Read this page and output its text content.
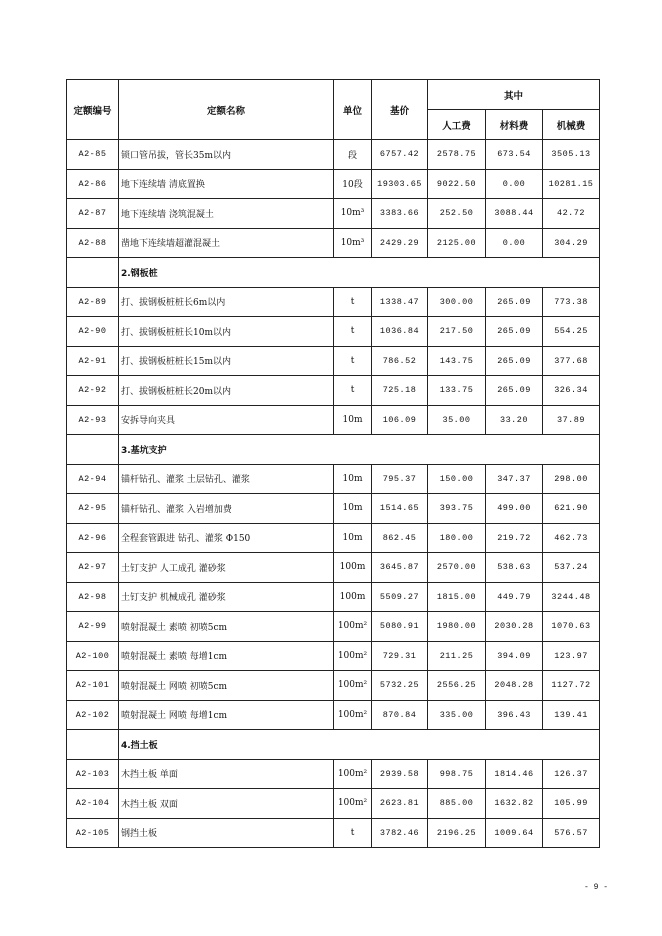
定额编号	定额名称	单位	基价	其中		
				人工费	材料费	机械费
A2-85	锁口管吊拔，管长35m以内	段	6757.42	2578.75	673.54	3505.13
A2-86	地下连续墙 清底置换	10段	19303.65	9022.50	0.00	10281.15
A2-87	地下连续墙 浇筑混凝土	10m³	3383.66	252.50	3088.44	42.72
A2-88	凿地下连续墙超灌混凝土	10m³	2429.29	2125.00	0.00	304.29
	2.钢板桩					
A2-89	打、拔钢板桩桩长6m以内	t	1338.47	300.00	265.09	773.38
A2-90	打、拔钢板桩桩长10m以内	t	1036.84	217.50	265.09	554.25
A2-91	打、拔钢板桩桩长15m以内	t	786.52	143.75	265.09	377.68
A2-92	打、拔钢板桩桩长20m以内	t	725.18	133.75	265.09	326.34
A2-93	安拆导向夹具	10m	106.09	35.00	33.20	37.89
	3.基坑支护					
A2-94	锚杆钻孔、灌浆 土层钻孔、灌浆	10m	795.37	150.00	347.37	298.00
A2-95	锚杆钻孔、灌浆 入岩增加费	10m	1514.65	393.75	499.00	621.90
A2-96	全程套管跟进 钻孔、灌浆 Φ150	10m	862.45	180.00	219.72	462.73
A2-97	土钉支护 人工成孔 灌砂浆	100m	3645.87	2570.00	538.63	537.24
A2-98	土钉支护 机械成孔 灌砂浆	100m	5509.27	1815.00	449.79	3244.48
A2-99	喷射混凝土 素喷 初喷5cm	100m²	5080.91	1980.00	2030.28	1070.63
A2-100	喷射混凝土 素喷 每增1cm	100m²	729.31	211.25	394.09	123.97
A2-101	喷射混凝土 网喷 初喷5cm	100m²	5732.25	2556.25	2048.28	1127.72
A2-102	喷射混凝土 网喷 每增1cm	100m²	870.84	335.00	396.43	139.41
	4.挡土板					
A2-103	木挡土板 单面	100m²	2939.58	998.75	1814.46	126.37
A2-104	木挡土板 双面	100m²	2623.81	885.00	1632.82	105.99
A2-105	钢挡土板	t	3782.46	2196.25	1009.64	576.57
- 9 -
